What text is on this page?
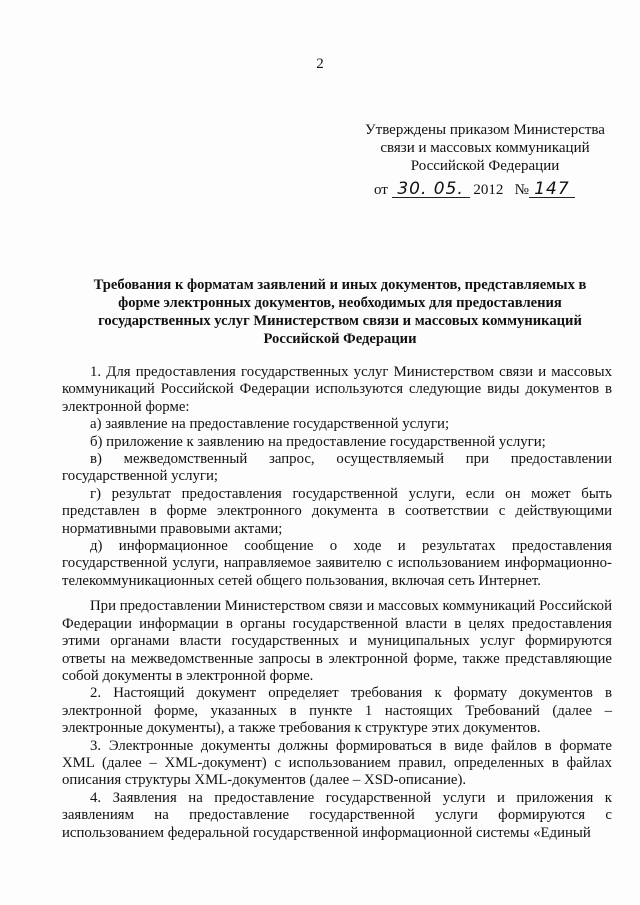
2
Утверждены приказом Министерства
связи и массовых коммуникаций
Российской Федерации
от 30. 05. 2012 № 147
Требования к форматам заявлений и иных документов, представляемых в
форме электронных документов, необходимых для предоставления
государственных услуг Министерством связи и массовых коммуникаций
Российской Федерации

1. Для предоставления государственных услуг Министерством связи и массовых коммуникаций Российской Федерации используются следующие виды документов в электронной форме:

а) заявление на предоставление государственной услуги;

б) приложение к заявлению на предоставление государственной услуги;

в) межведомственный запрос, осуществляемый при предоставлении государственной услуги;

г) результат предоставления государственной услуги, если он может быть представлен в форме электронного документа в соответствии с действующими нормативными правовыми актами;

д) информационное сообщение о ходе и результатах предоставления государственной услуги, направляемое заявителю с использованием информационно-телекоммуникационных сетей общего пользования, включая сеть Интернет.

При предоставлении Министерством связи и массовых коммуникаций Российской Федерации информации в органы государственной власти в целях предоставления этими органами власти государственных и муниципальных услуг формируются ответы на межведомственные запросы в электронной форме, также представляющие собой документы в электронной форме.

2. Настоящий документ определяет требования к формату документов в электронной форме, указанных в пункте 1 настоящих Требований (далее – электронные документы), а также требования к структуре этих документов.

3. Электронные документы должны формироваться в виде файлов в формате XML (далее – XML-документ) с использованием правил, определенных в файлах описания структуры XML-документов (далее – XSD-описание).

4. Заявления на предоставление государственной услуги и приложения к заявлениям на предоставление государственной услуги формируются с использованием федеральной государственной информационной системы «Единый
